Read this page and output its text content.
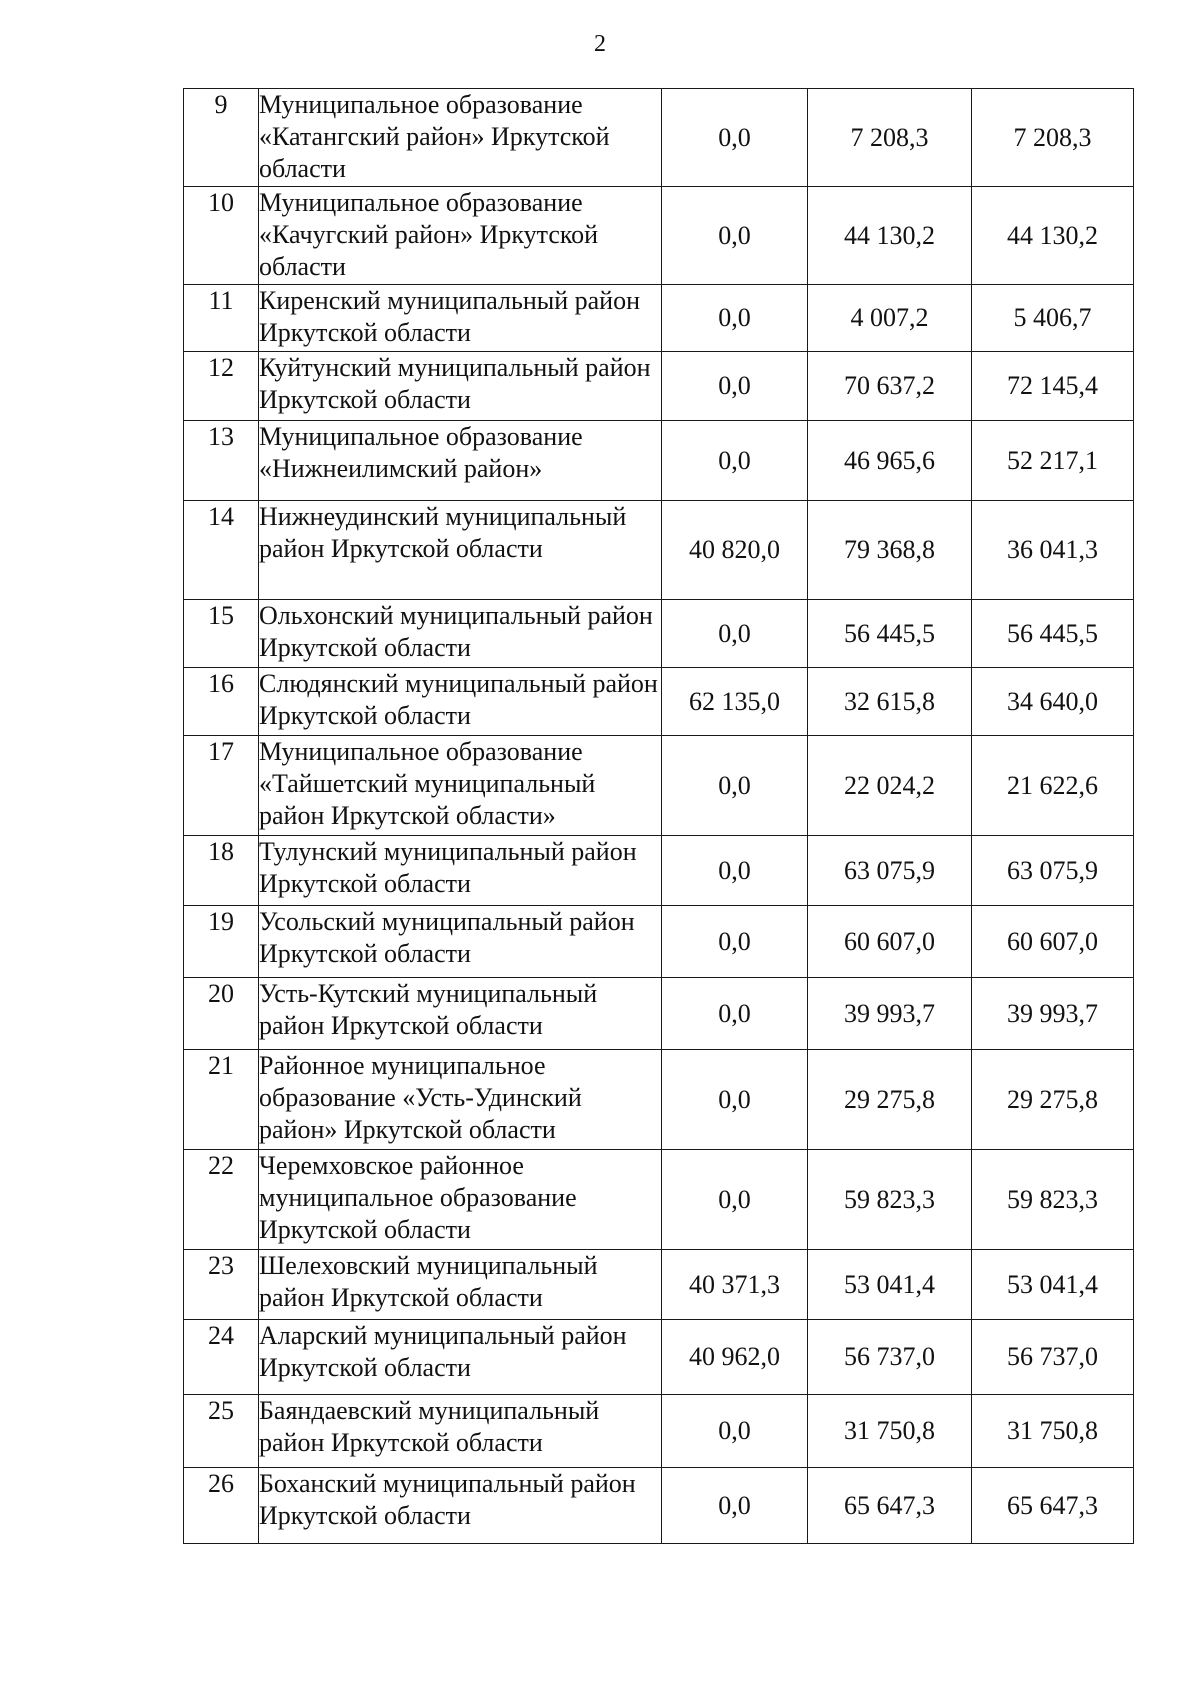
2
9	Муниципальное образование «Катангский район» Иркутской области	0,0	7 208,3	7 208,3
10	Муниципальное образование «Качугский район» Иркутской области	0,0	44 130,2	44 130,2
11	Киренский муниципальный район Иркутской области	0,0	4 007,2	5 406,7
12	Куйтунский муниципальный район Иркутской области	0,0	70 637,2	72 145,4
13	Муниципальное образование «Нижнеилимский район»	0,0	46 965,6	52 217,1
14	Нижнеудинский муниципальный район Иркутской области	40 820,0	79 368,8	36 041,3
15	Ольхонский муниципальный район Иркутской области	0,0	56 445,5	56 445,5
16	Слюдянский муниципальный район Иркутской области	62 135,0	32 615,8	34 640,0
17	Муниципальное образование «Тайшетский муниципальный район Иркутской области»	0,0	22 024,2	21 622,6
18	Тулунский муниципальный район Иркутской области	0,0	63 075,9	63 075,9
19	Усольский муниципальный район Иркутской области	0,0	60 607,0	60 607,0
20	Усть-Кутский муниципальный район Иркутской области	0,0	39 993,7	39 993,7
21	Районное муниципальное образование «Усть-Удинский район» Иркутской области	0,0	29 275,8	29 275,8
22	Черемховское районное муниципальное образование Иркутской области	0,0	59 823,3	59 823,3
23	Шелеховский муниципальный район Иркутской области	40 371,3	53 041,4	53 041,4
24	Аларский муниципальный район Иркутской области	40 962,0	56 737,0	56 737,0
25	Баяндаевский муниципальный район Иркутской области	0,0	31 750,8	31 750,8
26	Боханский муниципальный район Иркутской области	0,0	65 647,3	65 647,3
